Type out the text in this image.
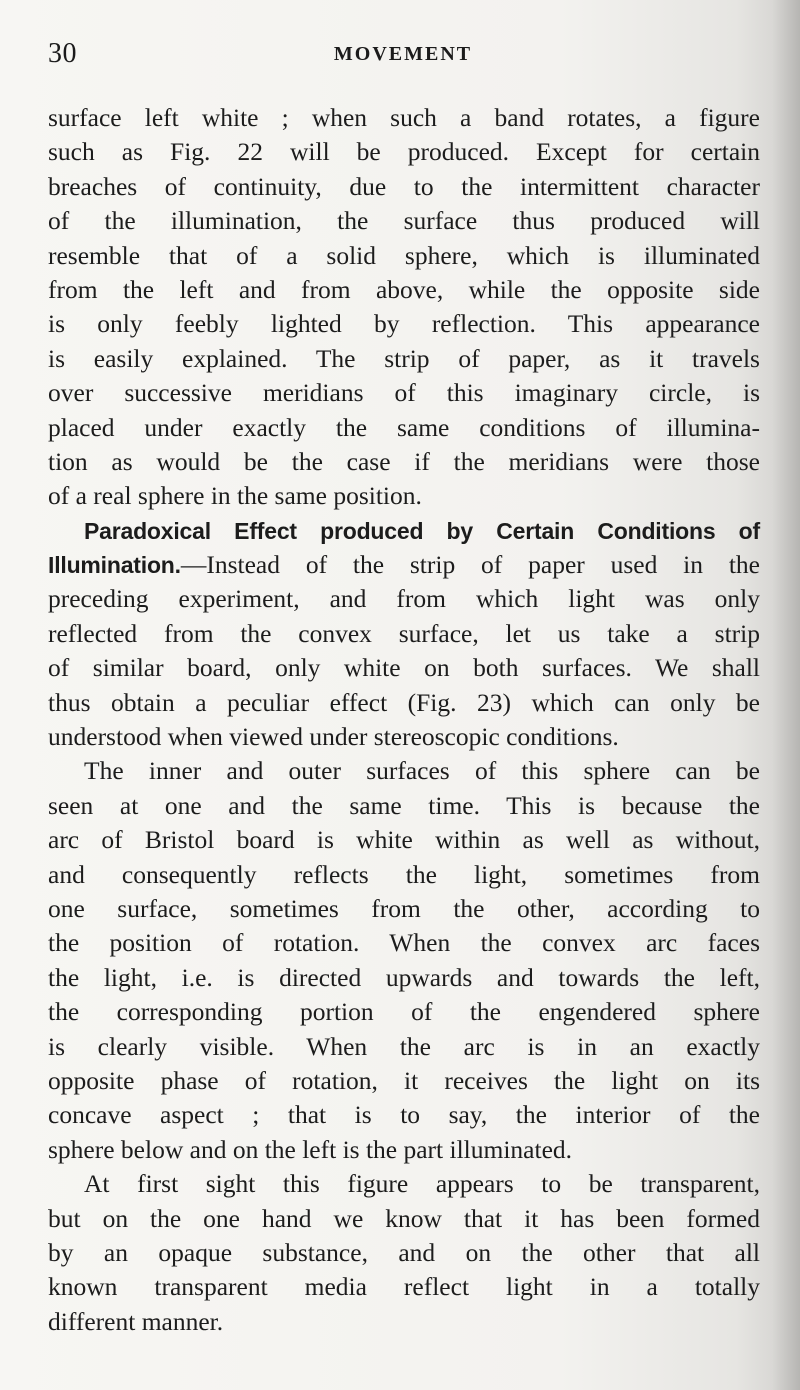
30	MOVEMENT
surface left white ; when such a band rotates, a figure
such as Fig. 22 will be produced. Except for certain
breaches of continuity, due to the intermittent character
of the illumination, the surface thus produced will
resemble that of a solid sphere, which is illuminated
from the left and from above, while the opposite side
is only feebly lighted by reflection. This appearance
is easily explained. The strip of paper, as it travels
over successive meridians of this imaginary circle, is
placed under exactly the same conditions of illumina-
tion as would be the case if the meridians were those
of a real sphere in the same position.
Paradoxical Effect produced by Certain Conditions of
Illumination.—Instead of the strip of paper used in the
preceding experiment, and from which light was only
reflected from the convex surface, let us take a strip
of similar board, only white on both surfaces. We shall
thus obtain a peculiar effect (Fig. 23) which can only be
understood when viewed under stereoscopic conditions.
The inner and outer surfaces of this sphere can be
seen at one and the same time. This is because the
arc of Bristol board is white within as well as without,
and consequently reflects the light, sometimes from
one surface, sometimes from the other, according to
the position of rotation. When the convex arc faces
the light, i.e. is directed upwards and towards the left,
the corresponding portion of the engendered sphere
is clearly visible. When the arc is in an exactly
opposite phase of rotation, it receives the light on its
concave aspect ; that is to say, the interior of the
sphere below and on the left is the part illuminated.
At first sight this figure appears to be transparent,
but on the one hand we know that it has been formed
by an opaque substance, and on the other that all
known transparent media reflect light in a totally
different manner.
